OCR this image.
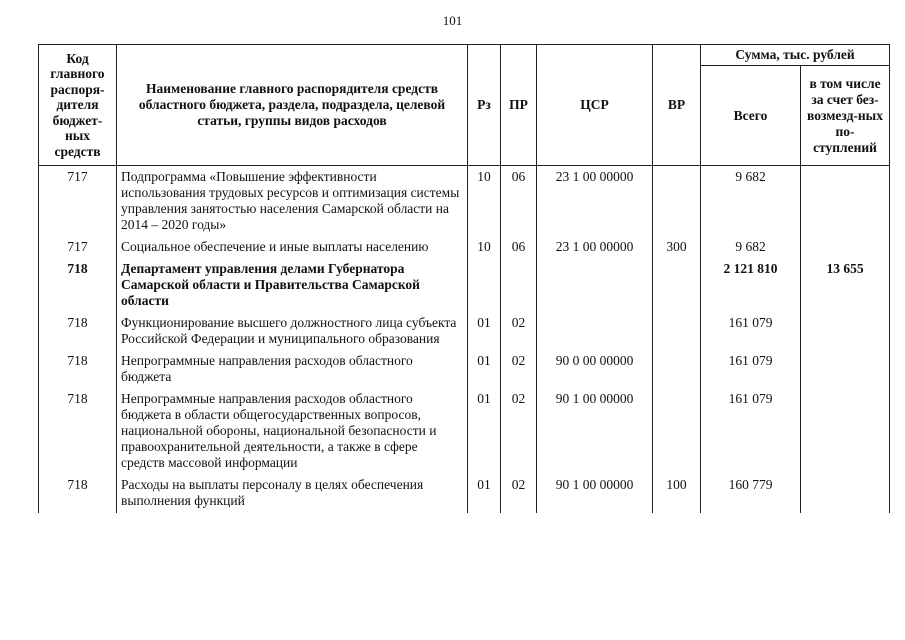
101
Код главного распоря-дителя бюджет-ных средств	Наименование главного распорядителя средств областного бюджета, раздела, подраздела, целевой статьи, группы видов расходов	Рз	ПР	ЦСР	ВР	Сумма, тыс. рублей	
						Всего	в том числе за счет без-возмезд-ных по-ступлений
717	Подпрограмма «Повышение эффективности использования трудовых ресурсов и оптимизация системы управления занятостью населения Самарской области на 2014 – 2020 годы»	10	06	23 1 00 00000		9 682	
717	Социальное обеспечение и иные выплаты населению	10	06	23 1 00 00000	300	9 682	
718	Департамент управления делами Губернатора Самарской области и Правительства Самарской области					2 121 810	13 655
718	Функционирование высшего должностного лица субъекта Российской Федерации и муниципального образования	01	02			161 079	
718	Непрограммные направления расходов областного бюджета	01	02	90 0 00 00000		161 079	
718	Непрограммные направления расходов областного бюджета в области общегосударственных вопросов, национальной обороны, национальной безопасности и правоохранительной деятельности, а также в сфере средств массовой информации	01	02	90 1 00 00000		161 079	
718	Расходы на выплаты персоналу в целях обеспечения выполнения функций	01	02	90 1 00 00000	100	160 779	
